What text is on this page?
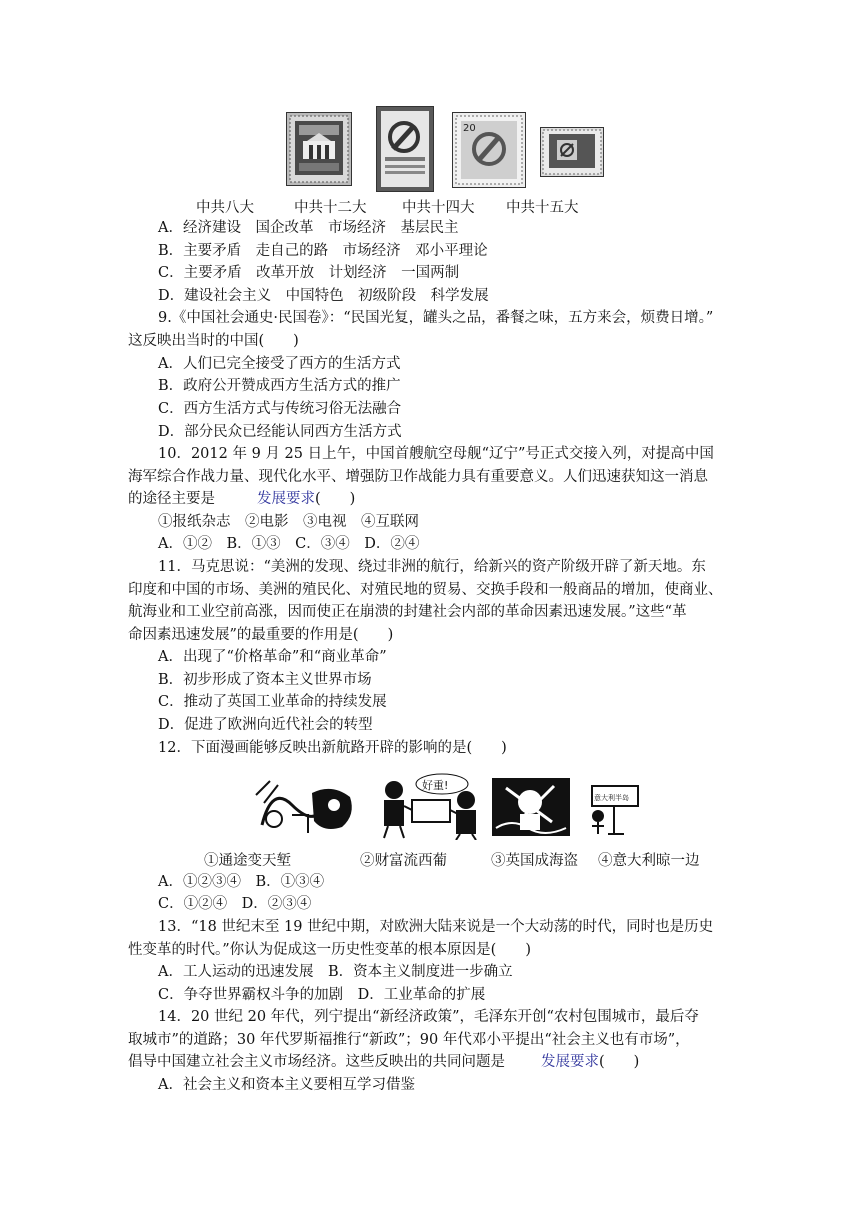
20
中共八大	中共十二大 中共十四大 中共十五大
A．经济建设　国企改革　市场经济　基层民主
B．主要矛盾　走自己的路　市场经济　邓小平理论
C．主要矛盾　改革开放　计划经济　一国两制
D．建设社会主义　中国特色　初级阶段　科学发展
9.《中国社会通史·民国卷》：“民国光复，罐头之品，番餐之味，五方来会，烦费日增。”
这反映出当时的中国(　　)
A．人们已完全接受了西方的生活方式
B．政府公开赞成西方生活方式的推广
C．西方生活方式与传统习俗无法融合
D．部分民众已经能认同西方生活方式
10．2012 年 9 月 25 日上午，中国首艘航空母舰“辽宁”号正式交接入列，对提高中国
海军综合作战力量、现代化水平、增强防卫作战能力具有重要意义。人们迅速获知这一消息
的途径主要是	发展要求(　　)
①报纸杂志　②电影　③电视　④互联网
A．①②　B．①③　C．③④　D．②④
11．马克思说：“美洲的发现、绕过非洲的航行，给新兴的资产阶级开辟了新天地。东
印度和中国的市场、美洲的殖民化、对殖民地的贸易、交换手段和一般商品的增加，使商业、
航海业和工业空前高涨，因而使正在崩溃的封建社会内部的革命因素迅速发展。”这些“革
命因素迅速发展”的最重要的作用是(　　)
A．出现了“价格革命”和“商业革命”
B．初步形成了资本主义世界市场
C．推动了英国工业革命的持续发展
D．促进了欧洲向近代社会的转型
12．下面漫画能够反映出新航路开辟的影响的是(　　)
好重!
意大利半岛
①通途变天堑	②财富流西葡	③英国成海盗 ④意大利晾一边
A．①②③④　B．①③④
C．①②④　D．②③④
13．“18 世纪末至 19 世纪中期，对欧洲大陆来说是一个大动荡的时代，同时也是历史
性变革的时代。”你认为促成这一历史性变革的根本原因是(　　)
A．工人运动的迅速发展　B．资本主义制度进一步确立
C．争夺世界霸权斗争的加剧　D．工业革命的扩展
14．20 世纪 20 年代，列宁提出“新经济政策”，毛泽东开创“农村包围城市，最后夺
取城市”的道路；30 年代罗斯福推行“新政”；90 年代邓小平提出“社会主义也有市场”，
倡导中国建立社会主义市场经济。这些反映出的共同问题是 发展要求(　　)
A．社会主义和资本主义要相互学习借鉴
